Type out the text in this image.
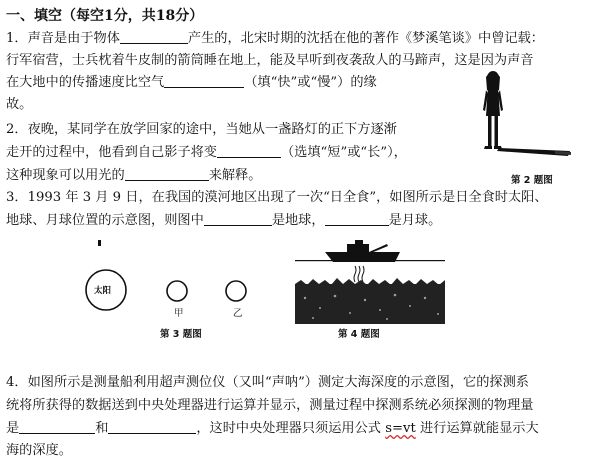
一、填空（每空1分，共18分）
1．声音是由于物体	产生的，北宋时期的沈括在他的著作《梦溪笔谈》中曾记载：
行军宿营，士兵枕着牛皮制的箭筒睡在地上，能及早听到夜袭敌人的马蹄声，这是因为声音
在大地中的传播速度比空气	（填“快”或“慢”）的缘
故。
2．夜晚，某同学在放学回家的途中，当她从一盏路灯的正下方逐渐
走开的过程中，他看到自己影子将变	（选填“短”或“长”），
这种现象可以用光的	来解释。	第 2 题图
3．1993 年 3 月 9 日，在我国的漠河地区出现了一次“日全食”，如图所示是日全食时太阳、
地球、月球位置的示意图，则图中	是地球，	是月球。
太阳
甲	乙
第 3 题图	第 4 题图
4．如图所示是测量船利用超声测位仪（又叫“声呐”）测定大海深度的示意图，它的探测系
统将所获得的数据送到中央处理器进行运算并显示，测量过程中探测系统必须探测的物理量
是	和	，这时中央处理器只须运用公式 s=vt 进行运算就能显示大
海的深度。
